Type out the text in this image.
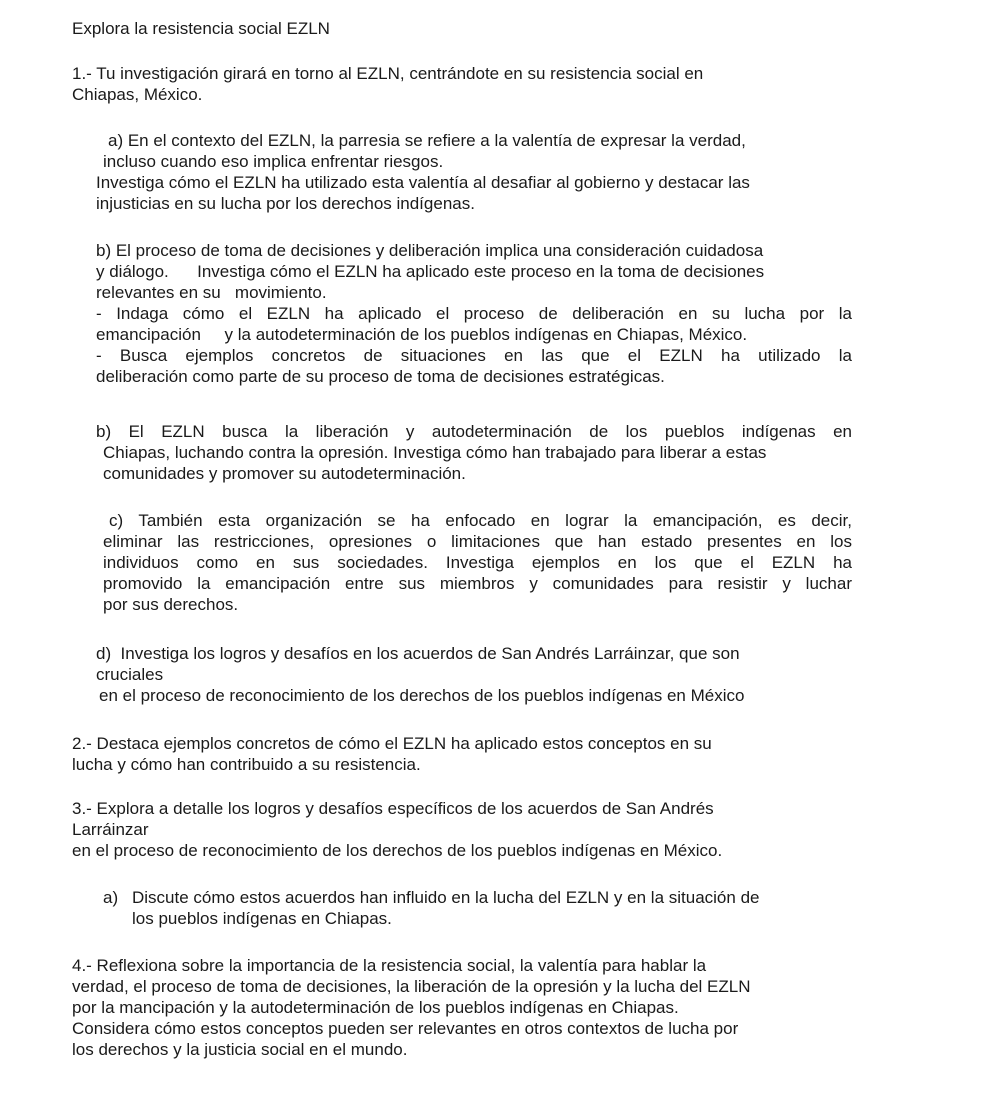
Explora la resistencia social EZLN
1.- Tu investigación girará en torno al EZLN, centrándote en su resistencia social en
Chiapas, México.
a) En el contexto del EZLN, la parresia se refiere a la valentía de expresar la verdad,
incluso cuando eso implica enfrentar riesgos.
Investiga cómo el EZLN ha utilizado esta valentía al desafiar al gobierno y destacar las
injusticias en su lucha por los derechos indígenas.
b) El proceso de toma de decisiones y deliberación implica una consideración cuidadosa
y diálogo.      Investiga cómo el EZLN ha aplicado este proceso en la toma de decisiones
relevantes en su   movimiento.
- Indaga cómo el EZLN ha aplicado el proceso de deliberación en su lucha por la
emancipación     y la autodeterminación de los pueblos indígenas en Chiapas, México.
- Busca ejemplos concretos de situaciones en las que el EZLN ha utilizado la
deliberación como parte de su proceso de toma de decisiones estratégicas.
b) El EZLN busca la liberación y autodeterminación de los pueblos indígenas en
Chiapas, luchando contra la opresión. Investiga cómo han trabajado para liberar a estas
comunidades y promover su autodeterminación.
c) También esta organización se ha enfocado en lograr la emancipación, es decir,
eliminar las restricciones, opresiones o limitaciones que han estado presentes en los
individuos como en sus sociedades. Investiga ejemplos en los que el EZLN ha
promovido la emancipación entre sus miembros y comunidades para resistir y luchar
por sus derechos.
d)  Investiga los logros y desafíos en los acuerdos de San Andrés Larráinzar, que son
cruciales
en el proceso de reconocimiento de los derechos de los pueblos indígenas en México
2.- Destaca ejemplos concretos de cómo el EZLN ha aplicado estos conceptos en su
lucha y cómo han contribuido a su resistencia.
3.- Explora a detalle los logros y desafíos específicos de los acuerdos de San Andrés
Larráinzar
en el proceso de reconocimiento de los derechos de los pueblos indígenas en México.
a) Discute cómo estos acuerdos han influido en la lucha del EZLN y en la situación de
los pueblos indígenas en Chiapas.
4.- Reflexiona sobre la importancia de la resistencia social, la valentía para hablar la
verdad, el proceso de toma de decisiones, la liberación de la opresión y la lucha del EZLN
por la mancipación y la autodeterminación de los pueblos indígenas en Chiapas.
Considera cómo estos conceptos pueden ser relevantes en otros contextos de lucha por
los derechos y la justicia social en el mundo.
